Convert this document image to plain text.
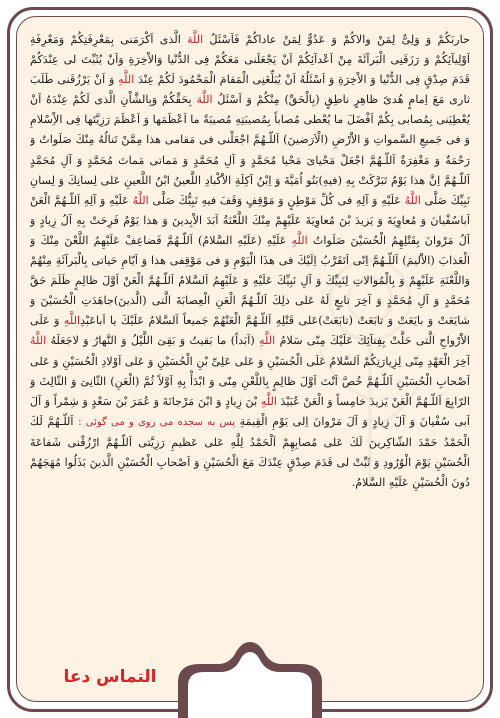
حاربَكُمْ وَ وَلِیٌّ لِمَنْ والاكُمْ وَ عَدُوٌّ لِمَنْ عاداكُمْ فَاَسْئَلُ اللَّهَ الَّذى اَكْرَمَنى بِمَعْرِفَتِكُمْ وَمَعْرِفَةِ اَوْلِیآئِكُمْ وَ رَزَقَنِى الْبَرآئَةَ مِنْ اَعْدآئِكُمْ اَنْ یَجْعَلَنى مَعَكُمْ فِى الدُّنْیا وَالاْخِرَةِ وَاَنْ یُثَبِّتَ لى عِنْدَكُمْ قَدَمَ صِدْقٍ فِى الدُّنْیا وَ الاْخِرَةِ وَ اَسْئَلُهُ اَنْ یُبَلِّغَنِى الْمَقامَ الْمَحْمُودَ لَكُمْ عِنْدَ اللَّهِ وَ اَنْ یَرْزُقَنى طَلَبَ ثارى مَعَ اِمامٍ هُدىً ظاهِرٍ ناطِقٍ (بِالْحَقِّ) مِنْكُمْ وَ اَسْئَلُ اللَّهَ بِحَقِّكُمْ وَبِالشَّاْنِ الَّذى لَكُمْ عِنْدَهُ اَنْ یُعْطِیَنى بِمُصابى بِكُمْ اَفْضَلَ ما یُعْطى مُصاباً بِمُصیبَتِهِ مُصیبَةً ما اَعْظَمَها وَ اَعْظَمَ رَزِیَّتَها فِى الاِْسْلامِ وَ فى جَمیعِ السَّمواتِ وَ الاَْرْضِ (الْاَرَضینَ) اَللّـهُمَّ اجْعَلْنى فى مَقامى هذا مِمَّنْ تَنالُهُ مِنْكَ صَلَواتٌ وَ رَحْمَةٌ وَ مَغْفِرَةٌ اَللّـهُمَّ اجْعَلْ مَحْیاىَ مَحْیا مُحَمَّدٍ وَ آلِ مُحَمَّدٍ وَ مَماتى مَماتَ مُحَمَّدٍ وَ آلِ مُحَمَّدٍ اَللّـهُمَّ اِنَّ هذا یَوْمٌ تَبَرَّكَتْ بِهِ (فیهِ)بَنُو اُمَیَّةَ وَ اِبْنُ آكِلَةِ الاَْكْبادِ اللَّعینُ ابْنُ اللَّعینِ عَلى لِسانِكَ وَ لِسانِ نَبِیِّكَ صَلَّى اللَّهُ عَلَیْهِ وَ آلِهِ فى كُلِّ مَوْطِنٍ وَ مَوْقِفٍ وَقَفَ فیهِ نَبِیُّكَ صَلَّى اللَّهُ عَلَیْهِ وَ آلِهِ اَللّـهُمَّ الْعَنْ اَباسُفْیانَ وَ مُعاوِیَةَ وَ یَزیدَ بْنَ مُعاوِیَةَ عَلَیْهِمْ مِنْكَ اللَّعْنَةُ اَبَدَ الاْبِدینَ وَ هذا یَوْمٌ فَرِحَتْ بِهِ آلُ زِیادٍ وَ آلُ مَرْوانَ بِقَتْلِهِمُ الْحُسَیْنَ صَلَواتُ اللَّهِ عَلَیْهِ (عَلَیْهِ السَّلامُ) اَللّـهُمَّ فَضاعِفْ عَلَیْهِمُ اللَّعْنَ مِنْكَ وَ الْعَذابَ (الاَْلیمَ) اَللّـهُمَّ اِنّى اَتَقَرَّبُ اِلَیْكَ فى هذَا الْیَوْمِ وَ فى مَوْقِفى هذا وَ اَیّامِ حَیاتى بِالْبَرآئَةِ مِنْهُمْ وَاللَّعْنَةِ عَلَیْهِمْ وَ بِالْمُوالاتِ لِنَبِیِّكَ وَ آلِ نَبِیِّكَ عَلَیْهِ وَ عَلَیْهِمُ اَلسَّلامُ اَللّـهُمَّ الْعَنْ اَوَّلَ ظالِمٍ ظَلَمَ حَقَّ مُحَمَّدٍ وَ آلِ مُحَمَّدٍ وَ آخِرَ تابِعٍ لَهُ عَلى ذلِكَ اَللّـهُمَّ الْعَنِ الْعِصابَةَ الَّتى (الَّذینَ)جاهَدَتِ الْحُسَیْنَ وَ شایَعَتْ وَ بایَعَتْ وَ تابَعَتْ (تابَعَتْ)عَلى قَتْلِهِ اَللّـهُمَّ الْعَنْهُمْ جَمیعاً اَلسَّلامُ عَلَیْكَ یا اَباعَبْدِاللَّهِ وَ عَلَى الاَْرْواحِ الَّتى حَلَّتْ بِفِنآئِكَ عَلَیْكَ مِنّى سَلامُ اللَّهِ (اَبَداً) ما بَقیتُ وَ بَقِىَ اللَّیْلُ وَ النَّهارُ وَ لاجَعَلَهُ اللَّهُ آخِرَ الْعَهْدِ مِنّى لِزِیارَتِكُمْ اَلسَّلامُ عَلَى الْحُسَیْنِ وَ عَلى عَلِىِّ بْنِ الْحُسَیْنِ وَ عَلى اَوْلادِ الْحُسَیْنِ وَ عَلى اَصْحابِ الْحُسَیْنِ اَللّـهُمَّ خُصَّ اَنْتَ اَوَّلَ ظالِمٍ بِاللَّعْنِ مِنّى وَ ابْدَأْ بِهِ اَوَّلاً ثُمَّ (الْعَنِ) الثّانِىَ وَ الثّالِثَ وَ الرّابِعَ اَللّـهُمَّ الْعَنْ یَزیدَ خامِساً وَ الْعَنْ عُبَیْدَ اللَّهِ بْنَ زِیادٍ وَ ابْنَ مَرْجانَةَ وَ عُمَرَ بْنَ سَعْدٍ وَ شِمْراً وَ آلَ اَبى سُفْیانَ وَ آلَ زِیادٍ وَ آلَ مَرْوانَ اِلى یَوْمِ الْقِیمَةِ پس به سجده می روی و می گوئی : اَللّـهُمَّ لَكَ الْحَمْدُ حَمْدَ الشّاكِرینَ لَكَ عَلى مُصابِهِمْ اَلْحَمْدُ لِلَّهِ عَلى عَظیمِ رَزِیَّتى اَللّـهُمَّ ارْزُقْنى شَفاعَةَ الْحُسَیْنِ یَوْمَ الْوُرُودِ وَ ثَبِّتْ لى قَدَمَ صِدْقٍ عِنْدَكَ مَعَ الْحُسَیْنِ وَ اَصْحابِ الْحُسَیْنِ الَّذینَ بَذَلُوا مُهَجَهُمْ دُونَ الْحُسَیْنِ عَلَیْهِ السَّلامُ.

التماس دعا
